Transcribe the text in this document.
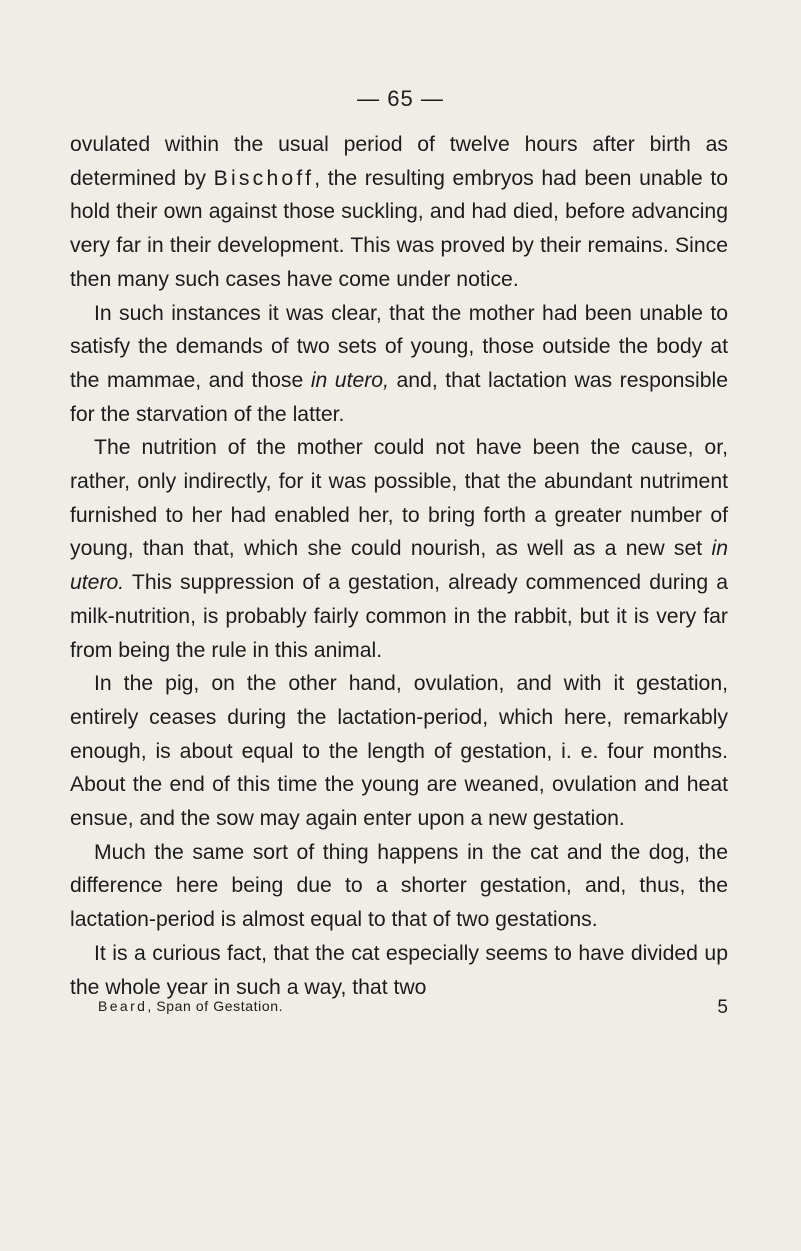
— 65 —

ovulated within the usual period of twelve hours after birth as determined by Bischoff, the resulting embryos had been unable to hold their own against those suckling, and had died, before advancing very far in their development. This was proved by their remains. Since then many such cases have come under notice.

In such instances it was clear, that the mother had been unable to satisfy the demands of two sets of young, those outside the body at the mammae, and those in utero, and, that lactation was responsible for the starvation of the latter.

The nutrition of the mother could not have been the cause, or, rather, only indirectly, for it was possible, that the abundant nutriment furnished to her had enabled her, to bring forth a greater number of young, than that, which she could nourish, as well as a new set in utero. This suppression of a gestation, already commenced during a milk-nutrition, is probably fairly common in the rabbit, but it is very far from being the rule in this animal.

In the pig, on the other hand, ovulation, and with it gestation, entirely ceases during the lactation-period, which here, remarkably enough, is about equal to the length of gestation, i. e. four months. About the end of this time the young are weaned, ovulation and heat ensue, and the sow may again enter upon a new gestation.

Much the same sort of thing happens in the cat and the dog, the difference here being due to a shorter gestation, and, thus, the lactation-period is almost equal to that of two gestations.

It is a curious fact, that the cat especially seems to have divided up the whole year in such a way, that two

Beard, Span of Gestation.	5
